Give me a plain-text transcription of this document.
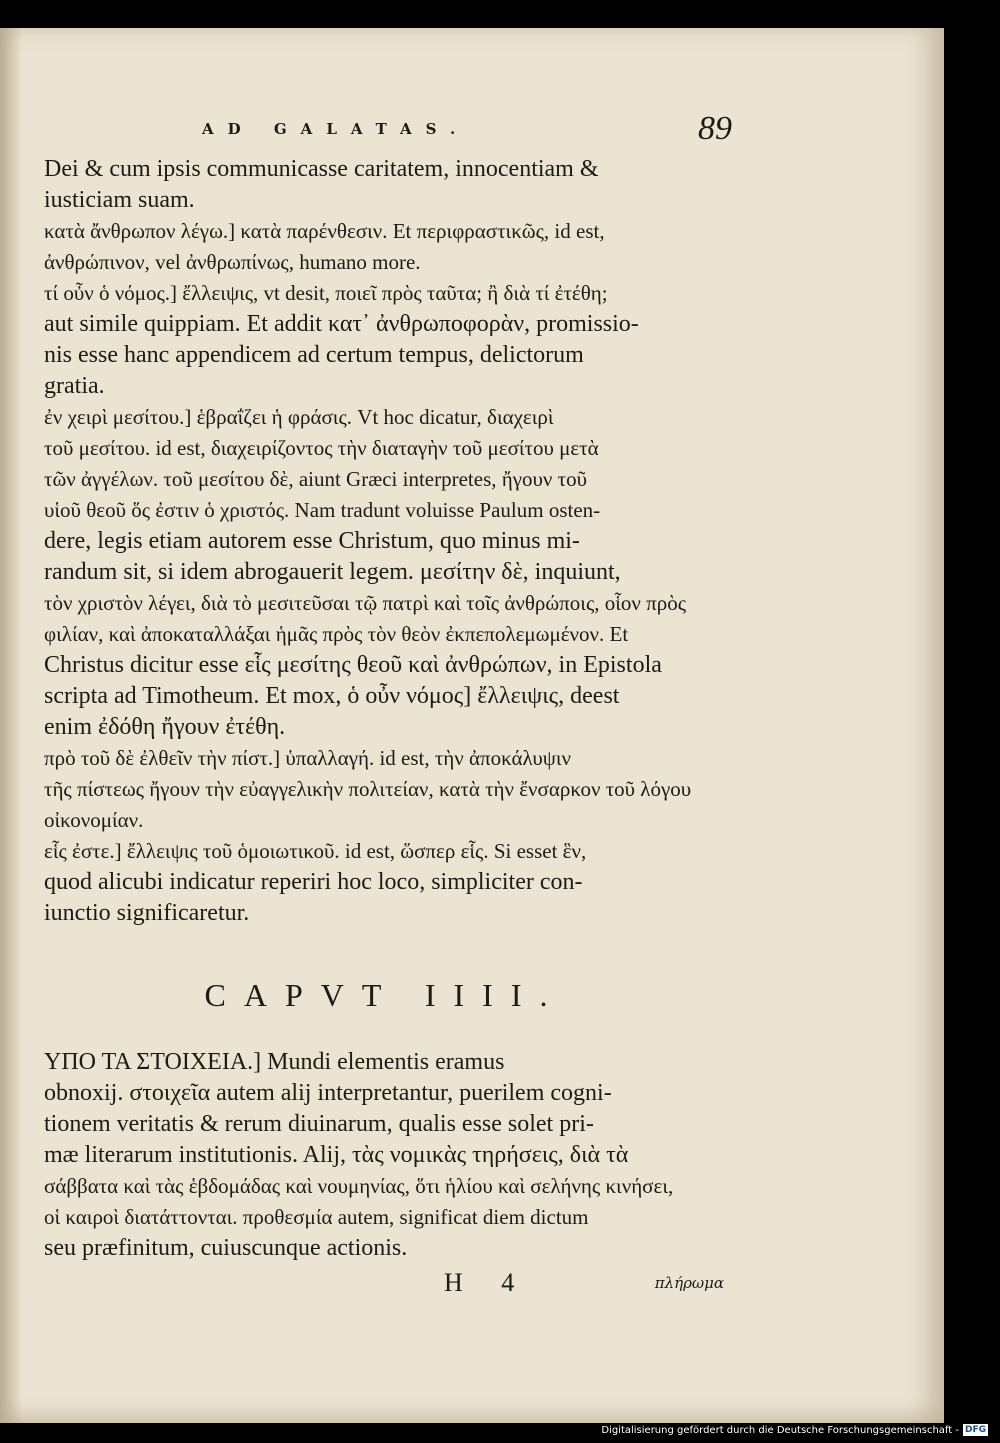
AD GALATAS.	89
Dei & cum ipsis communicasse caritatem, innocentiam &
iusticiam suam.
κατὰ ἄνθρωπον λέγω.] κατὰ παρένθεσιν. Et περιφραστικῶς, id est,
ἀνθρώπινον, vel ἀνθρωπίνως, humano more.
τί οὖν ὁ νόμος.] ἔλλειψις, vt desit, ποιεῖ πρὸς ταῦτα; ἢ διὰ τί ἐτέθη;
aut simile quippiam. Et addit κατ᾽ ἀνθρωποφορὰν, promissio-
nis esse hanc appendicem ad certum tempus, delictorum
gratia.
ἐν χειρὶ μεσίτου.] ἑβραΐζει ἡ φράσις. Vt hoc dicatur, διαχειρὶ
τοῦ μεσίτου. id est, διαχειρίζοντος τὴν διαταγὴν τοῦ μεσίτου μετὰ
τῶν ἀγγέλων. τοῦ μεσίτου δὲ, aiunt Græci interpretes, ἤγουν τοῦ
υἱοῦ θεοῦ ὅς ἐστιν ὁ χριστός. Nam tradunt voluisse Paulum osten-
dere, legis etiam autorem esse Christum, quo minus mi-
randum sit, si idem abrogauerit legem. μεσίτην δὲ, inquiunt,
τὸν χριστὸν λέγει, διὰ τὸ μεσιτεῦσαι τῷ πατρὶ καὶ τοῖς ἀνθρώποις, οἷον πρὸς
φιλίαν, καὶ ἀποκαταλλάξαι ἡμᾶς πρὸς τὸν θεὸν ἐκπεπολεμωμένον. Et
Christus dicitur esse εἷς μεσίτης θεοῦ καὶ ἀνθρώπων, in Epistola
scripta ad Timotheum. Et mox, ὁ οὖν νόμος] ἔλλειψις, deest
enim ἐδόθη ἤγουν ἐτέθη.
πρὸ τοῦ δὲ ἐλθεῖν τὴν πίστ.] ὑπαλλαγή. id est, τὴν ἀποκάλυψιν
τῆς πίστεως ἤγουν τὴν εὐαγγελικὴν πολιτείαν, κατὰ τὴν ἔνσαρκον τοῦ λόγου
οἰκονομίαν.
εἷς ἐστε.] ἔλλειψις τοῦ ὁμοιωτικοῦ. id est, ὥσπερ εἷς. Si esset ἓν,
quod alicubi indicatur reperiri hoc loco, simpliciter con-
iunctio significaretur.
CAPVT IIII.
ΥΠΟ ΤΑ ΣΤΟΙΧΕΙΑ.] Mundi elementis eramus
obnoxij. στοιχεῖα autem alij interpretantur, puerilem cogni-
tionem veritatis & rerum diuinarum, qualis esse solet pri-
mæ literarum institutionis. Alij, τὰς νομικὰς τηρήσεις, διὰ τὰ
σάββατα καὶ τὰς ἑβδομάδας καὶ νουμηνίας, ὅτι ἡλίου καὶ σελήνης κινήσει,
οἱ καιροὶ διατάττονται. προθεσμία autem, significat diem dictum
seu præfinitum, cuiuscunque actionis.
H 4	πλήρωμα
Digitalisierung gefördert durch die Deutsche Forschungsgemeinschaft - DFG
